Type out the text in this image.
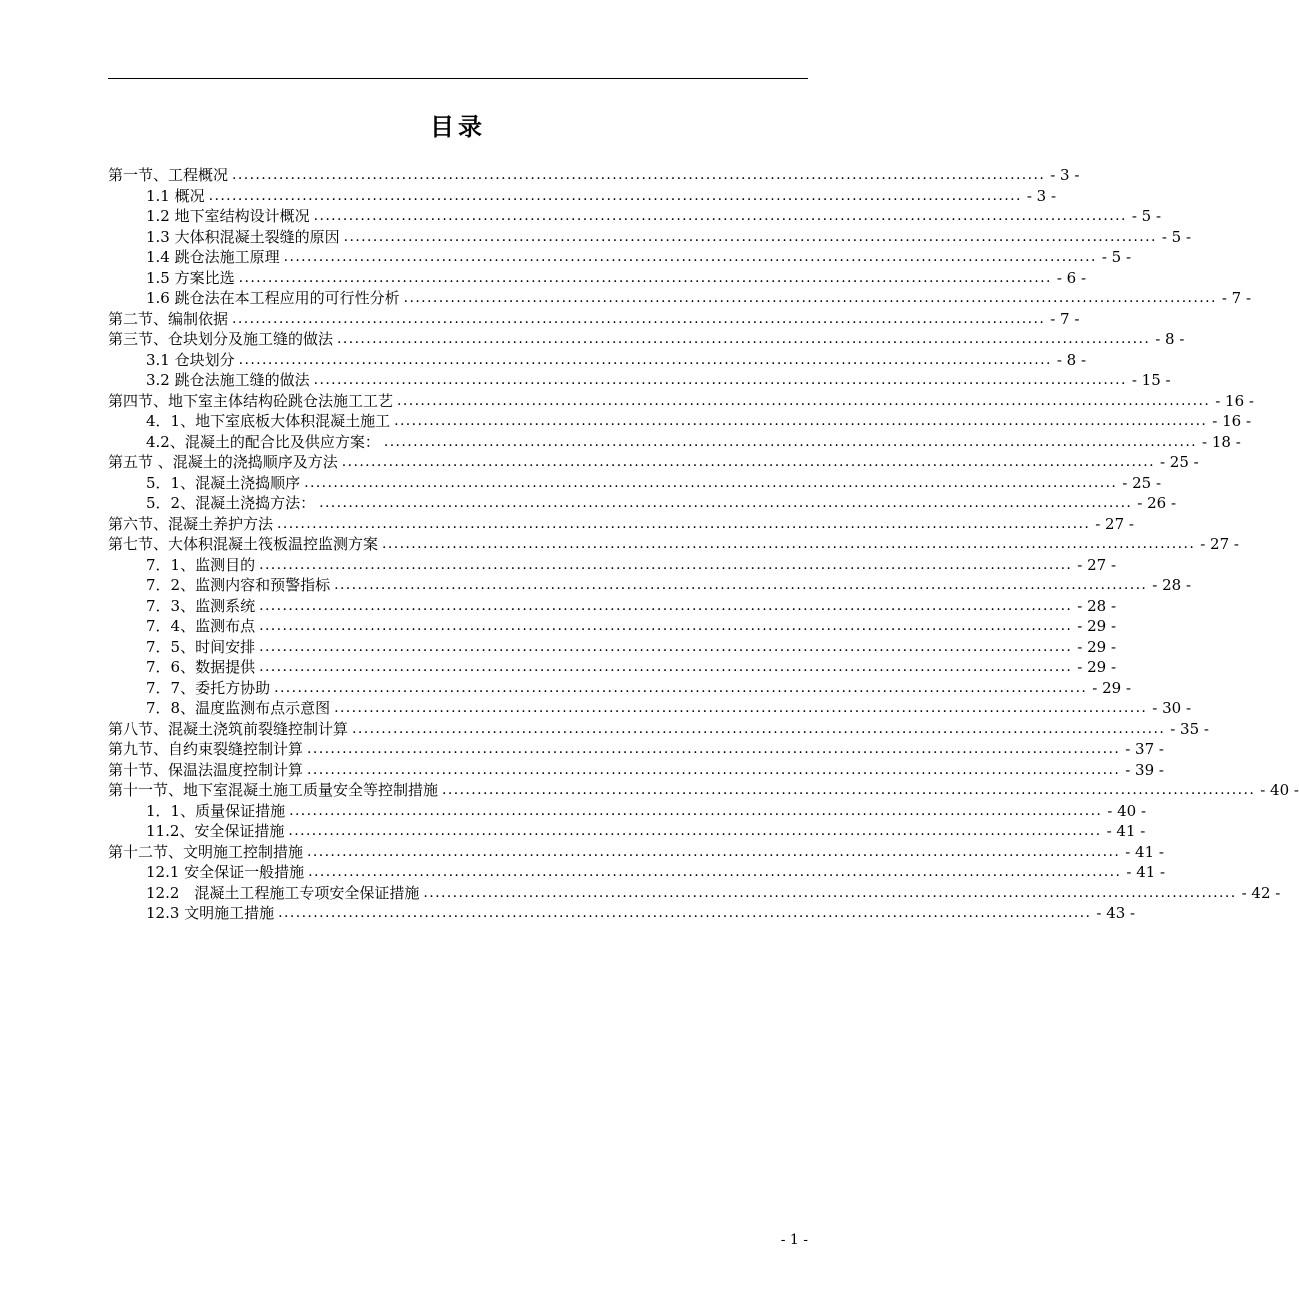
目录
第一节、工程概况 ........................................................................................................................................... - 3 -
1.1 概况 ........................................................................................................................................... - 3 -
1.2 地下室结构设计概况 ........................................................................................................................................... - 5 -
1.3 大体积混凝土裂缝的原因 ........................................................................................................................................... - 5 -
1.4 跳仓法施工原理 ........................................................................................................................................... - 5 -
1.5 方案比选 ........................................................................................................................................... - 6 -
1.6 跳仓法在本工程应用的可行性分析 ........................................................................................................................................... - 7 -
第二节、编制依据 ........................................................................................................................................... - 7 -
第三节、仓块划分及施工缝的做法 ........................................................................................................................................... - 8 -
3.1 仓块划分 ........................................................................................................................................... - 8 -
3.2 跳仓法施工缝的做法 ........................................................................................................................................... - 15 -
第四节、地下室主体结构砼跳仓法施工工艺 ........................................................................................................................................... - 16 -
4．1、地下室底板大体积混凝土施工 ........................................................................................................................................... - 16 -
4.2、混凝土的配合比及供应方案： ........................................................................................................................................... - 18 -
第五节 、混凝土的浇捣顺序及方法 ........................................................................................................................................... - 25 -
5．1、混凝土浇捣顺序 ........................................................................................................................................... - 25 -
5．2、混凝土浇捣方法： ........................................................................................................................................... - 26 -
第六节、混凝土养护方法 ........................................................................................................................................... - 27 -
第七节、大体积混凝土筏板温控监测方案 ........................................................................................................................................... - 27 -
7．1、监测目的 ........................................................................................................................................... - 27 -
7．2、监测内容和预警指标 ........................................................................................................................................... - 28 -
7．3、监测系统 ........................................................................................................................................... - 28 -
7．4、监测布点 ........................................................................................................................................... - 29 -
7．5、时间安排 ........................................................................................................................................... - 29 -
7．6、数据提供 ........................................................................................................................................... - 29 -
7．7、委托方协助 ........................................................................................................................................... - 29 -
7．8、温度监测布点示意图 ........................................................................................................................................... - 30 -
第八节、混凝土浇筑前裂缝控制计算 ........................................................................................................................................... - 35 -
第九节、自约束裂缝控制计算 ........................................................................................................................................... - 37 -
第十节、保温法温度控制计算 ........................................................................................................................................... - 39 -
第十一节、地下室混凝土施工质量安全等控制措施 ........................................................................................................................................... - 40 -
1．1、质量保证措施 ........................................................................................................................................... - 40 -
11.2、安全保证措施 ........................................................................................................................................... - 41 -
第十二节、文明施工控制措施 ........................................................................................................................................... - 41 -
12.1 安全保证一般措施 ........................................................................................................................................... - 41 -
12.2　混凝土工程施工专项安全保证措施 ........................................................................................................................................... - 42 -
12.3 文明施工措施 ........................................................................................................................................... - 43 -
- 1 -
